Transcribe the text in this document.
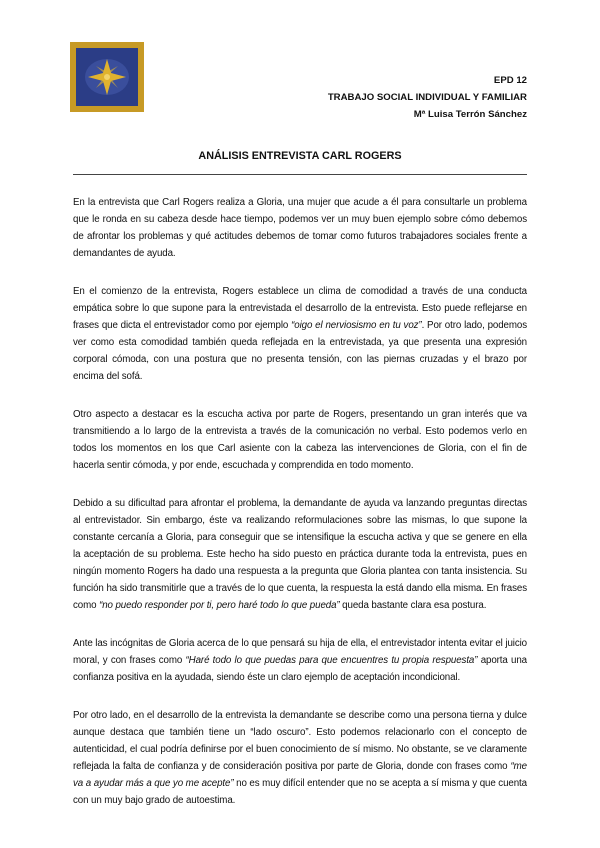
EPD 12
TRABAJO SOCIAL INDIVIDUAL Y FAMILIAR
Mª Luisa Terrón Sánchez
ANÁLISIS ENTREVISTA CARL ROGERS

En la entrevista que Carl Rogers realiza a Gloria, una mujer que acude a él para consultarle un problema que le ronda en su cabeza desde hace tiempo, podemos ver un muy buen ejemplo sobre cómo debemos de afrontar los problemas y qué actitudes debemos de tomar como futuros trabajadores sociales frente a demandantes de ayuda.

En el comienzo de la entrevista, Rogers establece un clima de comodidad a través de una conducta empática sobre lo que supone para la entrevistada el desarrollo de la entrevista. Esto puede reflejarse en frases que dicta el entrevistador como por ejemplo “oigo el nerviosismo en tu voz”. Por otro lado, podemos ver como esta comodidad también queda reflejada en la entrevistada, ya que presenta una expresión corporal cómoda, con una postura que no presenta tensión, con las piernas cruzadas y el brazo por encima del sofá.

Otro aspecto a destacar es la escucha activa por parte de Rogers, presentando un gran interés que va transmitiendo a lo largo de la entrevista a través de la comunicación no verbal. Esto podemos verlo en todos los momentos en los que Carl asiente con la cabeza las intervenciones de Gloria, con el fin de hacerla sentir cómoda, y por ende, escuchada y comprendida en todo momento.

Debido a su dificultad para afrontar el problema, la demandante de ayuda va lanzando preguntas directas al entrevistador. Sin embargo, éste va realizando reformulaciones sobre las mismas, lo que supone la constante cercanía a Gloria, para conseguir que se intensifique la escucha activa y que se genere en ella la aceptación de su problema. Este hecho ha sido puesto en práctica durante toda la entrevista, pues en ningún momento Rogers ha dado una respuesta a la pregunta que Gloria plantea con tanta insistencia. Su función ha sido transmitirle que a través de lo que cuenta, la respuesta la está dando ella misma. En frases como “no puedo responder por ti, pero haré todo lo que pueda” queda bastante clara esa postura.

Ante las incógnitas de Gloria acerca de lo que pensará su hija de ella, el entrevistador intenta evitar el juicio moral, y con frases como “Haré todo lo que puedas para que encuentres tu propia respuesta” aporta una confianza positiva en la ayudada, siendo éste un claro ejemplo de aceptación incondicional.

Por otro lado, en el desarrollo de la entrevista la demandante se describe como una persona tierna y dulce aunque destaca que también tiene un “lado oscuro”. Esto podemos relacionarlo con el concepto de autenticidad, el cual podría definirse por el buen conocimiento de sí mismo. No obstante, se ve claramente reflejada la falta de confianza y de consideración positiva por parte de Gloria, donde con frases como “me va a ayudar más a que yo me acepte” no es muy difícil entender que no se acepta a sí misma y que cuenta con un muy bajo grado de autoestima.
